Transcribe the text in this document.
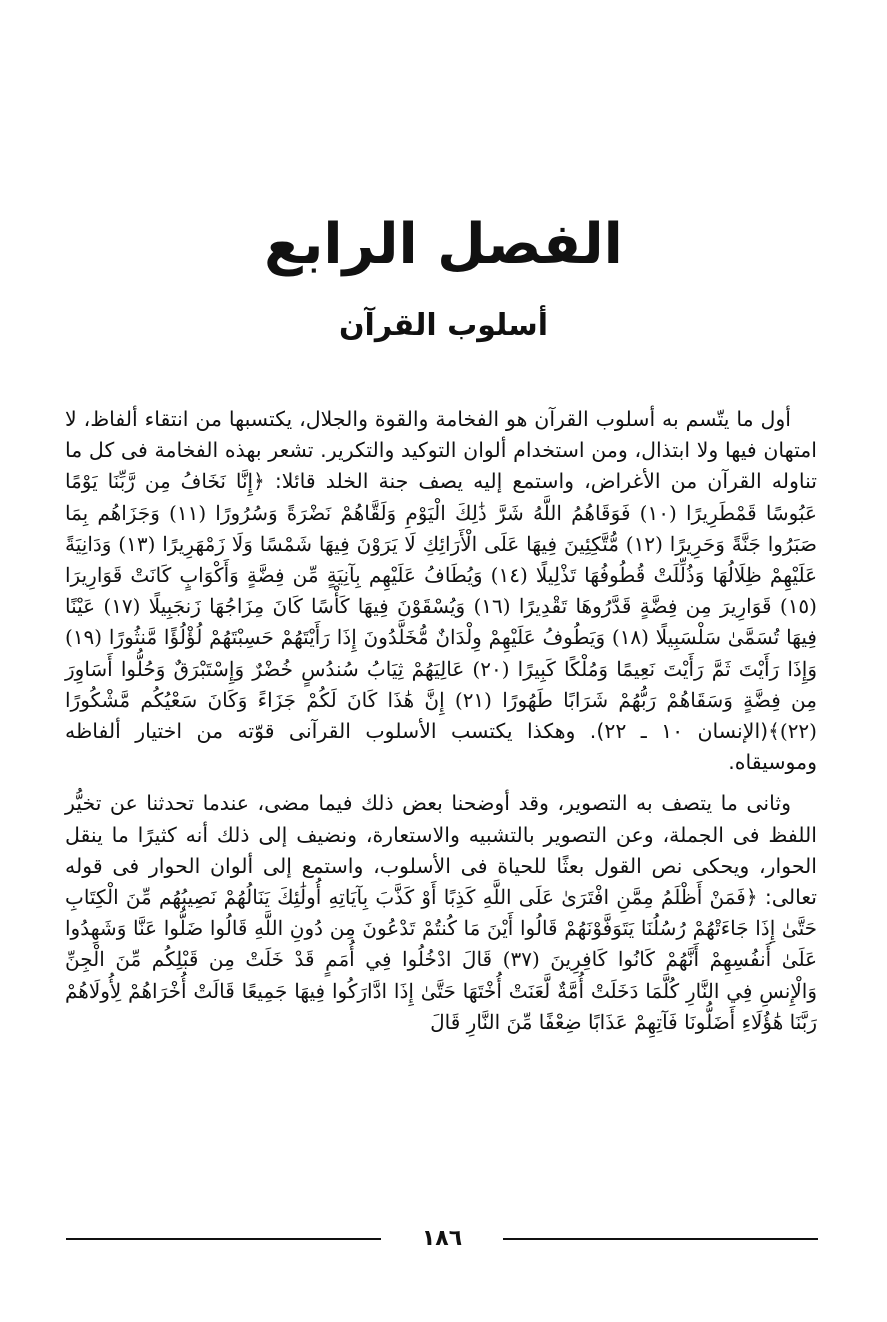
الفصل الرابع
أسلوب القرآن

أول ما يتّسم به أسلوب القرآن هو الفخامة والقوة والجلال، يكتسبها من انتقاء ألفاظ، لا امتهان فيها ولا ابتذال، ومن استخدام ألوان التوكيد والتكرير. تشعر بهذه الفخامة فى كل ما تناوله القرآن من الأغراض، واستمع إليه يصف جنة الخلد قائلا: ﴿إِنَّا نَخَافُ مِن رَّبِّنَا يَوْمًا عَبُوسًا قَمْطَرِيرًا (١٠) فَوَقَاهُمُ اللَّهُ شَرَّ ذَٰلِكَ الْيَوْمِ وَلَقَّاهُمْ نَضْرَةً وَسُرُورًا (١١) وَجَزَاهُم بِمَا صَبَرُوا جَنَّةً وَحَرِيرًا (١٢) مُّتَّكِئِينَ فِيهَا عَلَى الْأَرَائِكِ لَا يَرَوْنَ فِيهَا شَمْسًا وَلَا زَمْهَرِيرًا (١٣) وَدَانِيَةً عَلَيْهِمْ ظِلَالُهَا وَذُلِّلَتْ قُطُوفُهَا تَذْلِيلًا (١٤) وَيُطَافُ عَلَيْهِم بِآنِيَةٍ مِّن فِضَّةٍ وَأَكْوَابٍ كَانَتْ قَوَارِيرَا (١٥) قَوَارِيرَ مِن فِضَّةٍ قَدَّرُوهَا تَقْدِيرًا (١٦) وَيُسْقَوْنَ فِيهَا كَأْسًا كَانَ مِزَاجُهَا زَنجَبِيلًا (١٧) عَيْنًا فِيهَا تُسَمَّىٰ سَلْسَبِيلًا (١٨) وَيَطُوفُ عَلَيْهِمْ وِلْدَانٌ مُّخَلَّدُونَ إِذَا رَأَيْتَهُمْ حَسِبْتَهُمْ لُؤْلُؤًا مَّنثُورًا (١٩) وَإِذَا رَأَيْتَ ثَمَّ رَأَيْتَ نَعِيمًا وَمُلْكًا كَبِيرًا (٢٠) عَالِيَهُمْ ثِيَابُ سُندُسٍ خُضْرٌ وَإِسْتَبْرَقٌ وَحُلُّوا أَسَاوِرَ مِن فِضَّةٍ وَسَقَاهُمْ رَبُّهُمْ شَرَابًا طَهُورًا (٢١) إِنَّ هَٰذَا كَانَ لَكُمْ جَزَاءً وَكَانَ سَعْيُكُم مَّشْكُورًا (٢٢)﴾(الإنسان ١٠ ـ ٢٢). وهكذا يكتسب الأسلوب القرآنى قوّته من اختيار ألفاظه وموسيقاه.

وثانى ما يتصف به التصوير، وقد أوضحنا بعض ذلك فيما مضى، عندما تحدثنا عن تخيُّر اللفظ فى الجملة، وعن التصوير بالتشبيه والاستعارة، ونضيف إلى ذلك أنه كثيرًا ما ينقل الحوار، ويحكى نص القول بعثًا للحياة فى الأسلوب، واستمع إلى ألوان الحوار فى قوله تعالى: ﴿فَمَنْ أَظْلَمُ مِمَّنِ افْتَرَىٰ عَلَى اللَّهِ كَذِبًا أَوْ كَذَّبَ بِآيَاتِهِ أُولَٰئِكَ يَنَالُهُمْ نَصِيبُهُم مِّنَ الْكِتَابِ حَتَّىٰ إِذَا جَاءَتْهُمْ رُسُلُنَا يَتَوَفَّوْنَهُمْ قَالُوا أَيْنَ مَا كُنتُمْ تَدْعُونَ مِن دُونِ اللَّهِ قَالُوا ضَلُّوا عَنَّا وَشَهِدُوا عَلَىٰ أَنفُسِهِمْ أَنَّهُمْ كَانُوا كَافِرِينَ (٣٧) قَالَ ادْخُلُوا فِي أُمَمٍ قَدْ خَلَتْ مِن قَبْلِكُم مِّنَ الْجِنِّ وَالْإِنسِ فِي النَّارِ كُلَّمَا دَخَلَتْ أُمَّةٌ لَّعَنَتْ أُخْتَهَا حَتَّىٰ إِذَا ادَّارَكُوا فِيهَا جَمِيعًا قَالَتْ أُخْرَاهُمْ لِأُولَاهُمْ رَبَّنَا هَٰؤُلَاءِ أَضَلُّونَا فَآتِهِمْ عَذَابًا ضِعْفًا مِّنَ النَّارِ قَالَ

١٨٦
